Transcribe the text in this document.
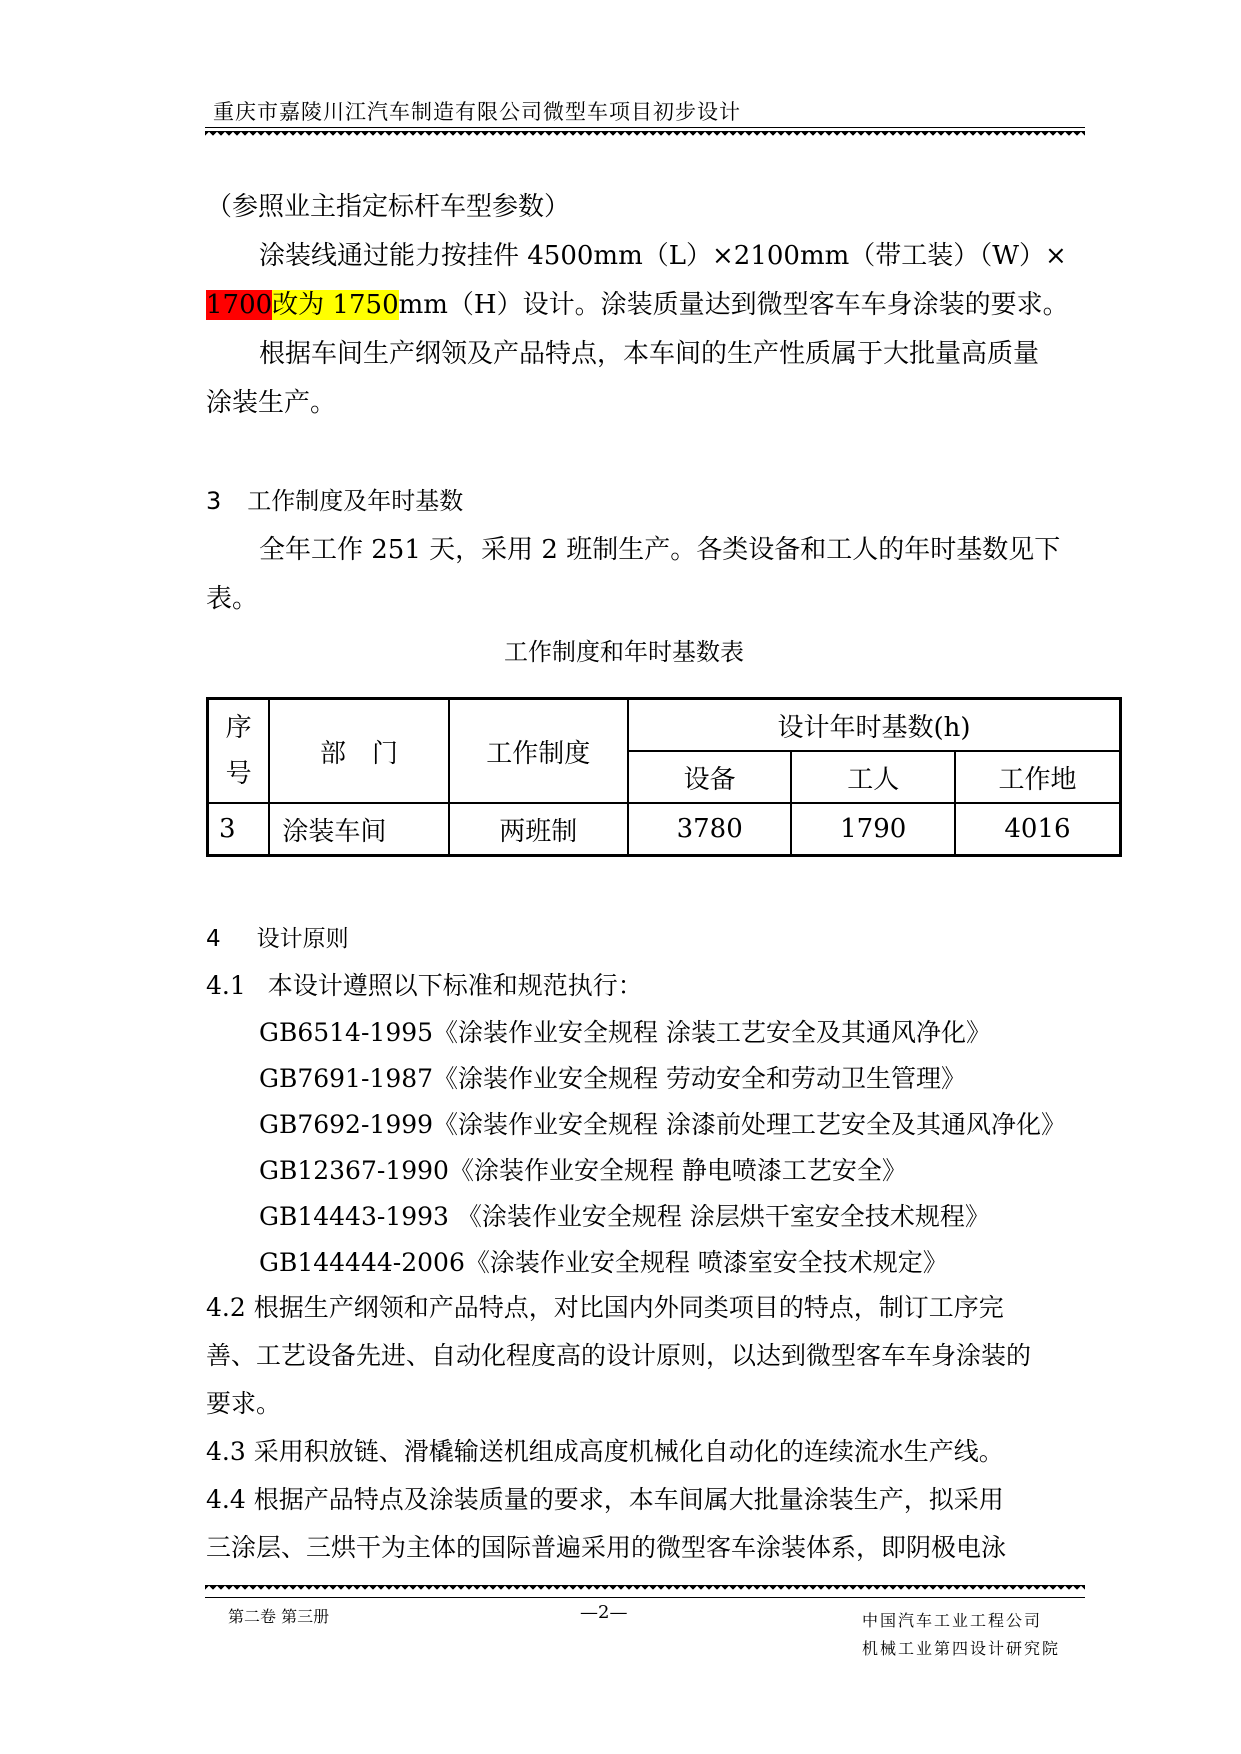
重庆市嘉陵川江汽车制造有限公司微型车项目初步设计
（参照业主指定标杆车型参数）
涂装线通过能力按挂件 4500mm（L）×2100mm（带工装）（W）×
1700改为 1750mm（H）设计。涂装质量达到微型客车车身涂装的要求。
根据车间生产纲领及产品特点，本车间的生产性质属于大批量高质量
涂装生产。
3 工作制度及年时基数
全年工作 251 天，采用 2 班制生产。各类设备和工人的年时基数见下
表。
工作制度和年时基数表
序
号	部　门	工作制度	设计年时基数(h)		
			设备	工人	工作地
3	涂装车间	两班制	3780	1790	4016
4 设计原则
4.1 本设计遵照以下标准和规范执行：
GB6514-1995《涂装作业安全规程 涂装工艺安全及其通风净化》
GB7691-1987《涂装作业安全规程 劳动安全和劳动卫生管理》
GB7692-1999《涂装作业安全规程 涂漆前处理工艺安全及其通风净化》
GB12367-1990《涂装作业安全规程 静电喷漆工艺安全》
GB14443-1993 《涂装作业安全规程 涂层烘干室安全技术规程》
GB144444-2006《涂装作业安全规程 喷漆室安全技术规定》
4.2 根据生产纲领和产品特点，对比国内外同类项目的特点，制订工序完
善、工艺设备先进、自动化程度高的设计原则，以达到微型客车车身涂装的
要求。
4.3 采用积放链、滑橇输送机组成高度机械化自动化的连续流水生产线。
4.4 根据产品特点及涂装质量的要求，本车间属大批量涂装生产，拟采用
三涂层、三烘干为主体的国际普遍采用的微型客车涂装体系，即阴极电泳
第二卷 第三册	—2—	中国汽车工业工程公司
机械工业第四设计研究院
